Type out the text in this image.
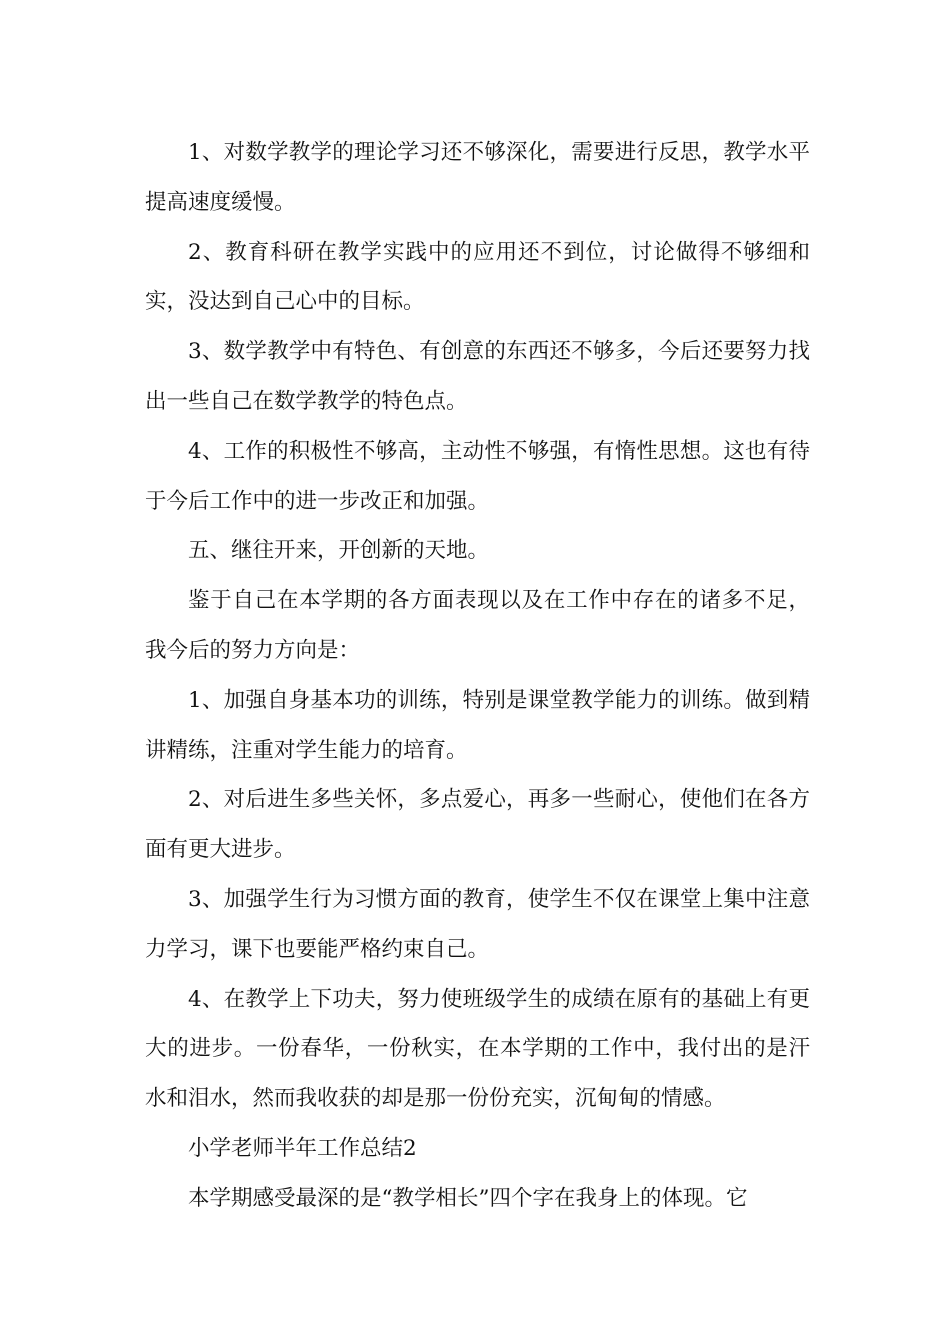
1、对数学教学的理论学习还不够深化，需要进行反思，教学水平提高速度缓慢。

2、教育科研在教学实践中的应用还不到位，讨论做得不够细和实，没达到自己心中的目标。

3、数学教学中有特色、有创意的东西还不够多，今后还要努力找出一些自己在数学教学的特色点。

4、工作的积极性不够高，主动性不够强，有惰性思想。这也有待于今后工作中的进一步改正和加强。

五、继往开来，开创新的天地。

鉴于自己在本学期的各方面表现以及在工作中存在的诸多不足，我今后的努力方向是：

1、加强自身基本功的训练，特别是课堂教学能力的训练。做到精讲精练，注重对学生能力的培育。

2、对后进生多些关怀，多点爱心，再多一些耐心，使他们在各方面有更大进步。

3、加强学生行为习惯方面的教育，使学生不仅在课堂上集中注意力学习，课下也要能严格约束自己。

4、在教学上下功夫，努力使班级学生的成绩在原有的基础上有更大的进步。一份春华，一份秋实，在本学期的工作中，我付出的是汗水和泪水，然而我收获的却是那一份份充实，沉甸甸的情感。

小学老师半年工作总结2

本学期感受最深的是“教学相长”四个字在我身上的体现。它
